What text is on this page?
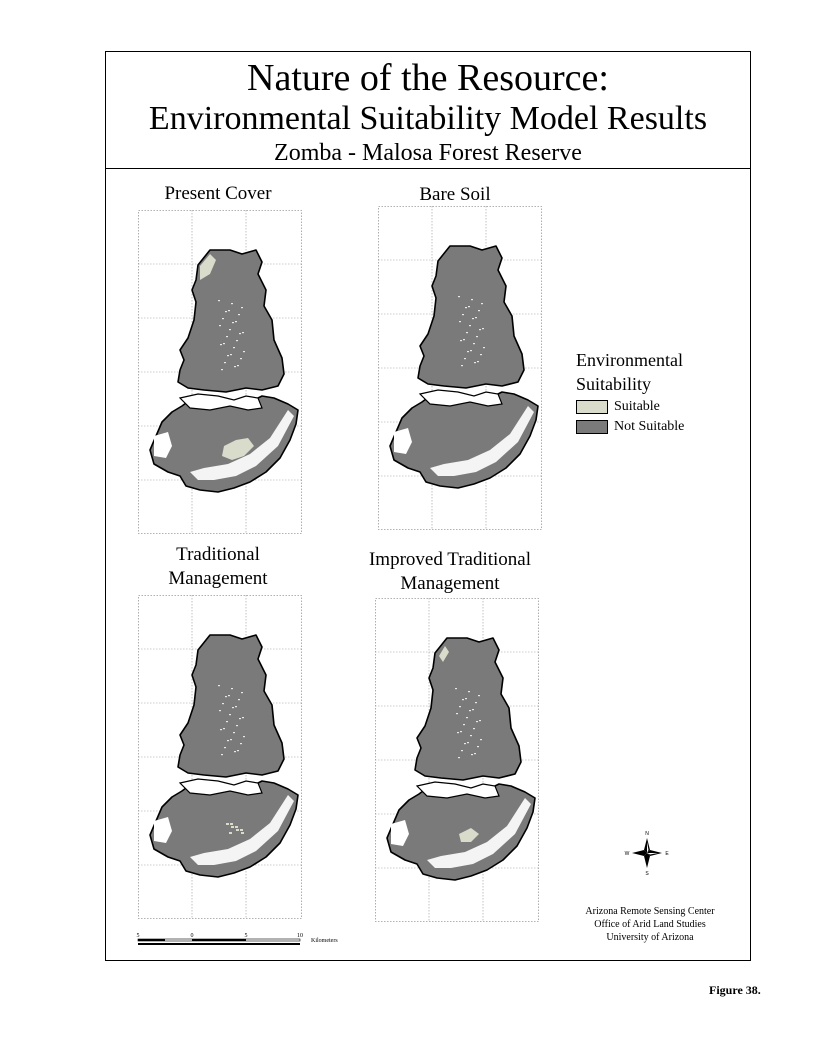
Nature of the Resource:
Environmental Suitability Model Results
Zomba - Malosa Forest Reserve
Present Cover	Bare Soil
Traditional
Management
Improved Traditional
Management
Environmental
Suitability
Suitable
Not Suitable
N
S
E
W
Arizona Remote Sensing Center
Office of Arid Land Studies
University of Arizona
5	0	5	10
Kilometers
Figure 38.
